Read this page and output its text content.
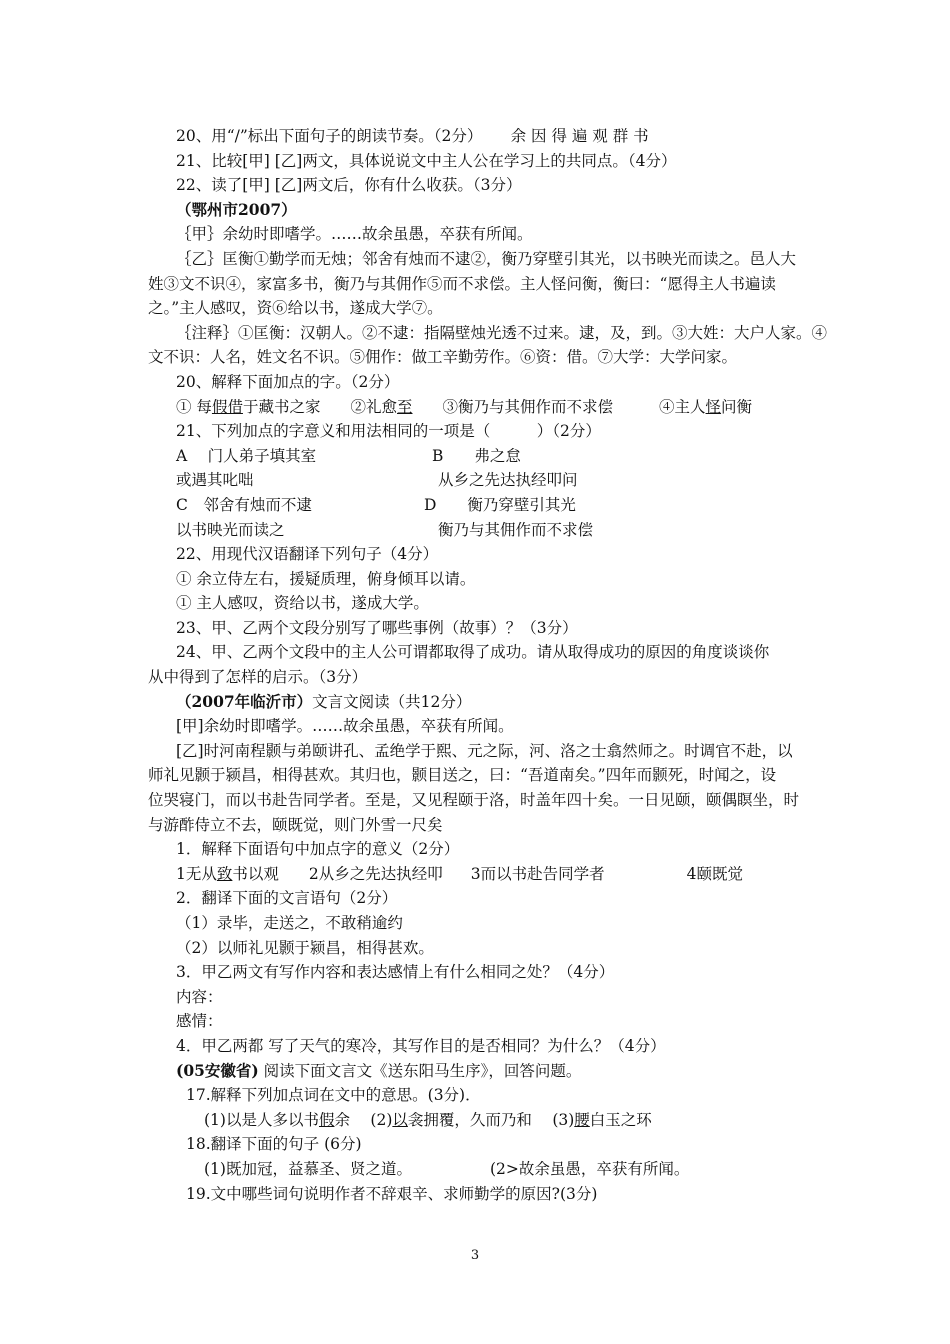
20、用“/”标出下面句子的朗读节奏。（2分）　　 余 因 得 遍 观 群 书
21、比较[甲] [乙]两文，具体说说文中主人公在学习上的共同点。（4分）
22、读了[甲] [乙]两文后，你有什么收获。（3分）
（鄂州市2007）
｛甲｝余幼时即嗜学。……故余虽愚，卒获有所闻。
｛乙｝匡衡①勤学而无烛；邻舍有烛而不逮②，衡乃穿壁引其光，以书映光而读之。邑人大
姓③文不识④，家富多书，衡乃与其佣作⑤而不求偿。主人怪问衡，衡曰：“愿得主人书遍读
之。”主人感叹，资⑥给以书，遂成大学⑦。
｛注释｝①匡衡：汉朝人。②不逮：指隔壁烛光透不过来。逮，及，到。③大姓：大户人家。④
文不识：人名，姓文名不识。⑤佣作：做工辛勤劳作。⑥资：借。⑦大学：大学问家。
20、解释下面加点的字。（2分）
① 每 假借 于藏书之家 ②礼愈 至 ③衡乃与其佣作而不求偿	④主人 怪 问衡
21、下列加点的字意义和用法相同的一项是（　　　）（2分）
A　 门人弟子填其室	B　　弗之怠
或遇其叱咄	从乡之先达执经叩问
C　邻舍有烛而不逮	D　　衡乃穿壁引其光
以书映光而读之	衡乃与其佣作而不求偿
22、用现代汉语翻译下列句子（4分）
① 余立侍左右，援疑质理，俯身倾耳以请。
① 主人感叹，资给以书，遂成大学。
23、甲、乙两个文段分别写了哪些事例（故事）？（3分）
24、甲、乙两个文段中的主人公可谓都取得了成功。请从取得成功的原因的角度谈谈你
从中得到了怎样的启示。（3分）
（2007年临沂市）文言文阅读（共12分）
[甲]余幼时即嗜学。……故余虽愚，卒获有所闻。
[乙]时河南程颢与弟颐讲孔、孟绝学于熙、元之际，河、洛之士翕然师之。时调官不赴，以
师礼见颢于颍昌，相得甚欢。其归也，颢目送之，曰：“吾道南矣。”四年而颢死，时闻之，设
位哭寝门，而以书赴告同学者。至是，又见程颐于洛，时盖年四十矣。一日见颐，颐偶瞑坐，时
与游酢侍立不去，颐既觉，则门外雪一尺矣
1．解释下面语句中加点字的意义（2分）
1无从 致 书以观 2从乡之先达执经叩 3而以书赴告同学者	4颐既觉
2．翻译下面的文言语句（2分）
（1）录毕，走送之，不敢稍逾约
（2）以师礼见颢于颍昌，相得甚欢。
3．甲乙两文有写作内容和表达感情上有什么相同之处？（4分）
内容：
感情：
4．甲乙两都 写了天气的寒冷，其写作目的是否相同？为什么？（4分）
(05安徽省) 阅读下面文言文《送东阳马生序》，回答问题。
17.解释下列加点词在文中的意思。(3分)．
(1)以是人多以书 假 余　 (2) 以 衾拥覆，久而乃和　 (3) 腰 白玉之环
18.翻译下面的句子 (6分)
(1)既加冠，益慕圣、贤之道。	(2>故余虽愚，卒获有所闻。
19.文中哪些词句说明作者不辞艰辛、求师勤学的原因?(3分)
3
